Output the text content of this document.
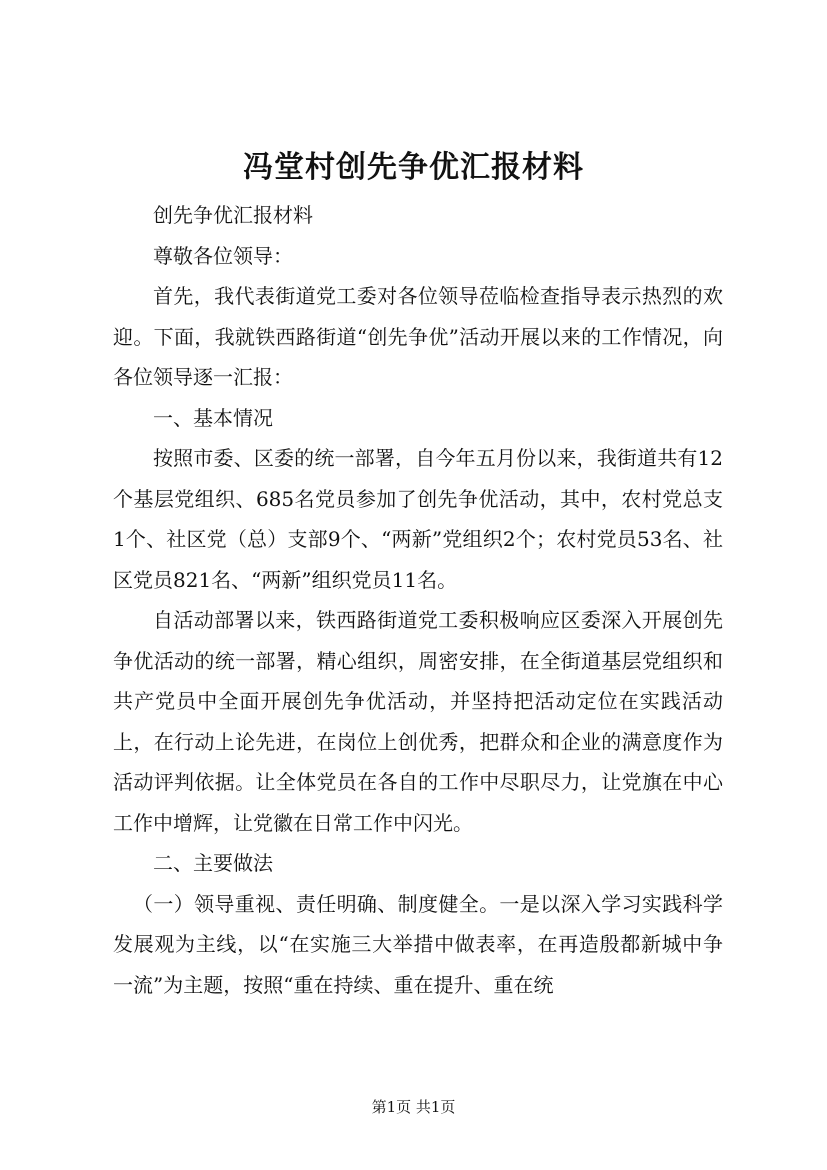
冯堂村创先争优汇报材料

创先争优汇报材料

尊敬各位领导：

首先，我代表街道党工委对各位领导莅临检查指导表示热烈的欢迎。下面，我就铁西路街道“创先争优”活动开展以来的工作情况，向各位领导逐一汇报：

一、基本情况

按照市委、区委的统一部署，自今年五月份以来，我街道共有12个基层党组织、685名党员参加了创先争优活动，其中，农村党总支1个、社区党（总）支部9个、“两新”党组织2个；农村党员53名、社区党员821名、“两新”组织党员11名。

自活动部署以来，铁西路街道党工委积极响应区委深入开展创先争优活动的统一部署，精心组织，周密安排，在全街道基层党组织和共产党员中全面开展创先争优活动，并坚持把活动定位在实践活动上，在行动上论先进，在岗位上创优秀，把群众和企业的满意度作为活动评判依据。让全体党员在各自的工作中尽职尽力，让党旗在中心工作中增辉，让党徽在日常工作中闪光。

二、主要做法

（一）领导重视、责任明确、制度健全。一是以深入学习实践科学发展观为主线，以“在实施三大举措中做表率，在再造殷都新城中争一流”为主题，按照“重在持续、重在提升、重在统

第1页 共1页
